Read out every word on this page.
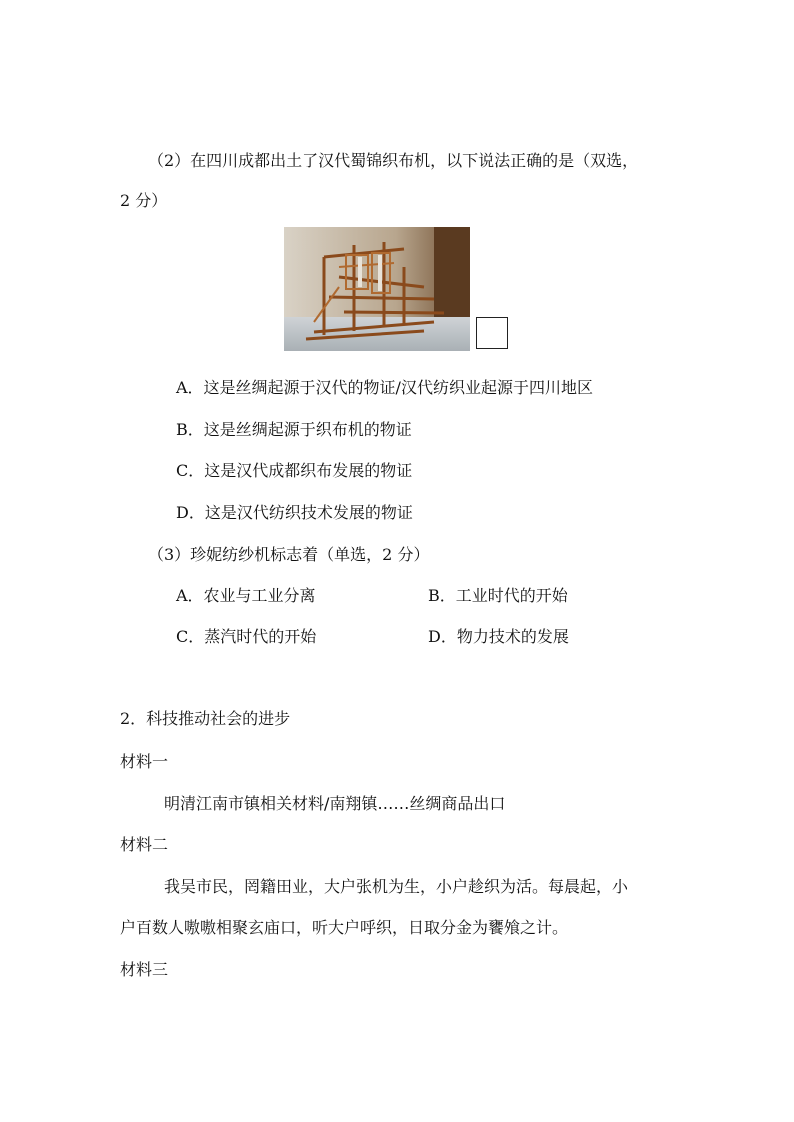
（2）在四川成都出土了汉代蜀锦织布机，以下说法正确的是（双选，
2 分）
A．这是丝绸起源于汉代的物证/汉代纺织业起源于四川地区
B．这是丝绸起源于织布机的物证
C．这是汉代成都织布发展的物证
D．这是汉代纺织技术发展的物证
（3）珍妮纺纱机标志着（单选，2 分）
A．农业与工业分离	B．工业时代的开始
C．蒸汽时代的开始	D．物力技术的发展
2．科技推动社会的进步
材料一
明清江南市镇相关材料/南翔镇……丝绸商品出口
材料二
我吴市民，罔籍田业，大户张机为生，小户趁织为活。每晨起，小
户百数人嗷嗷相聚玄庙口，听大户呼织，日取分金为饔飧之计。
材料三
